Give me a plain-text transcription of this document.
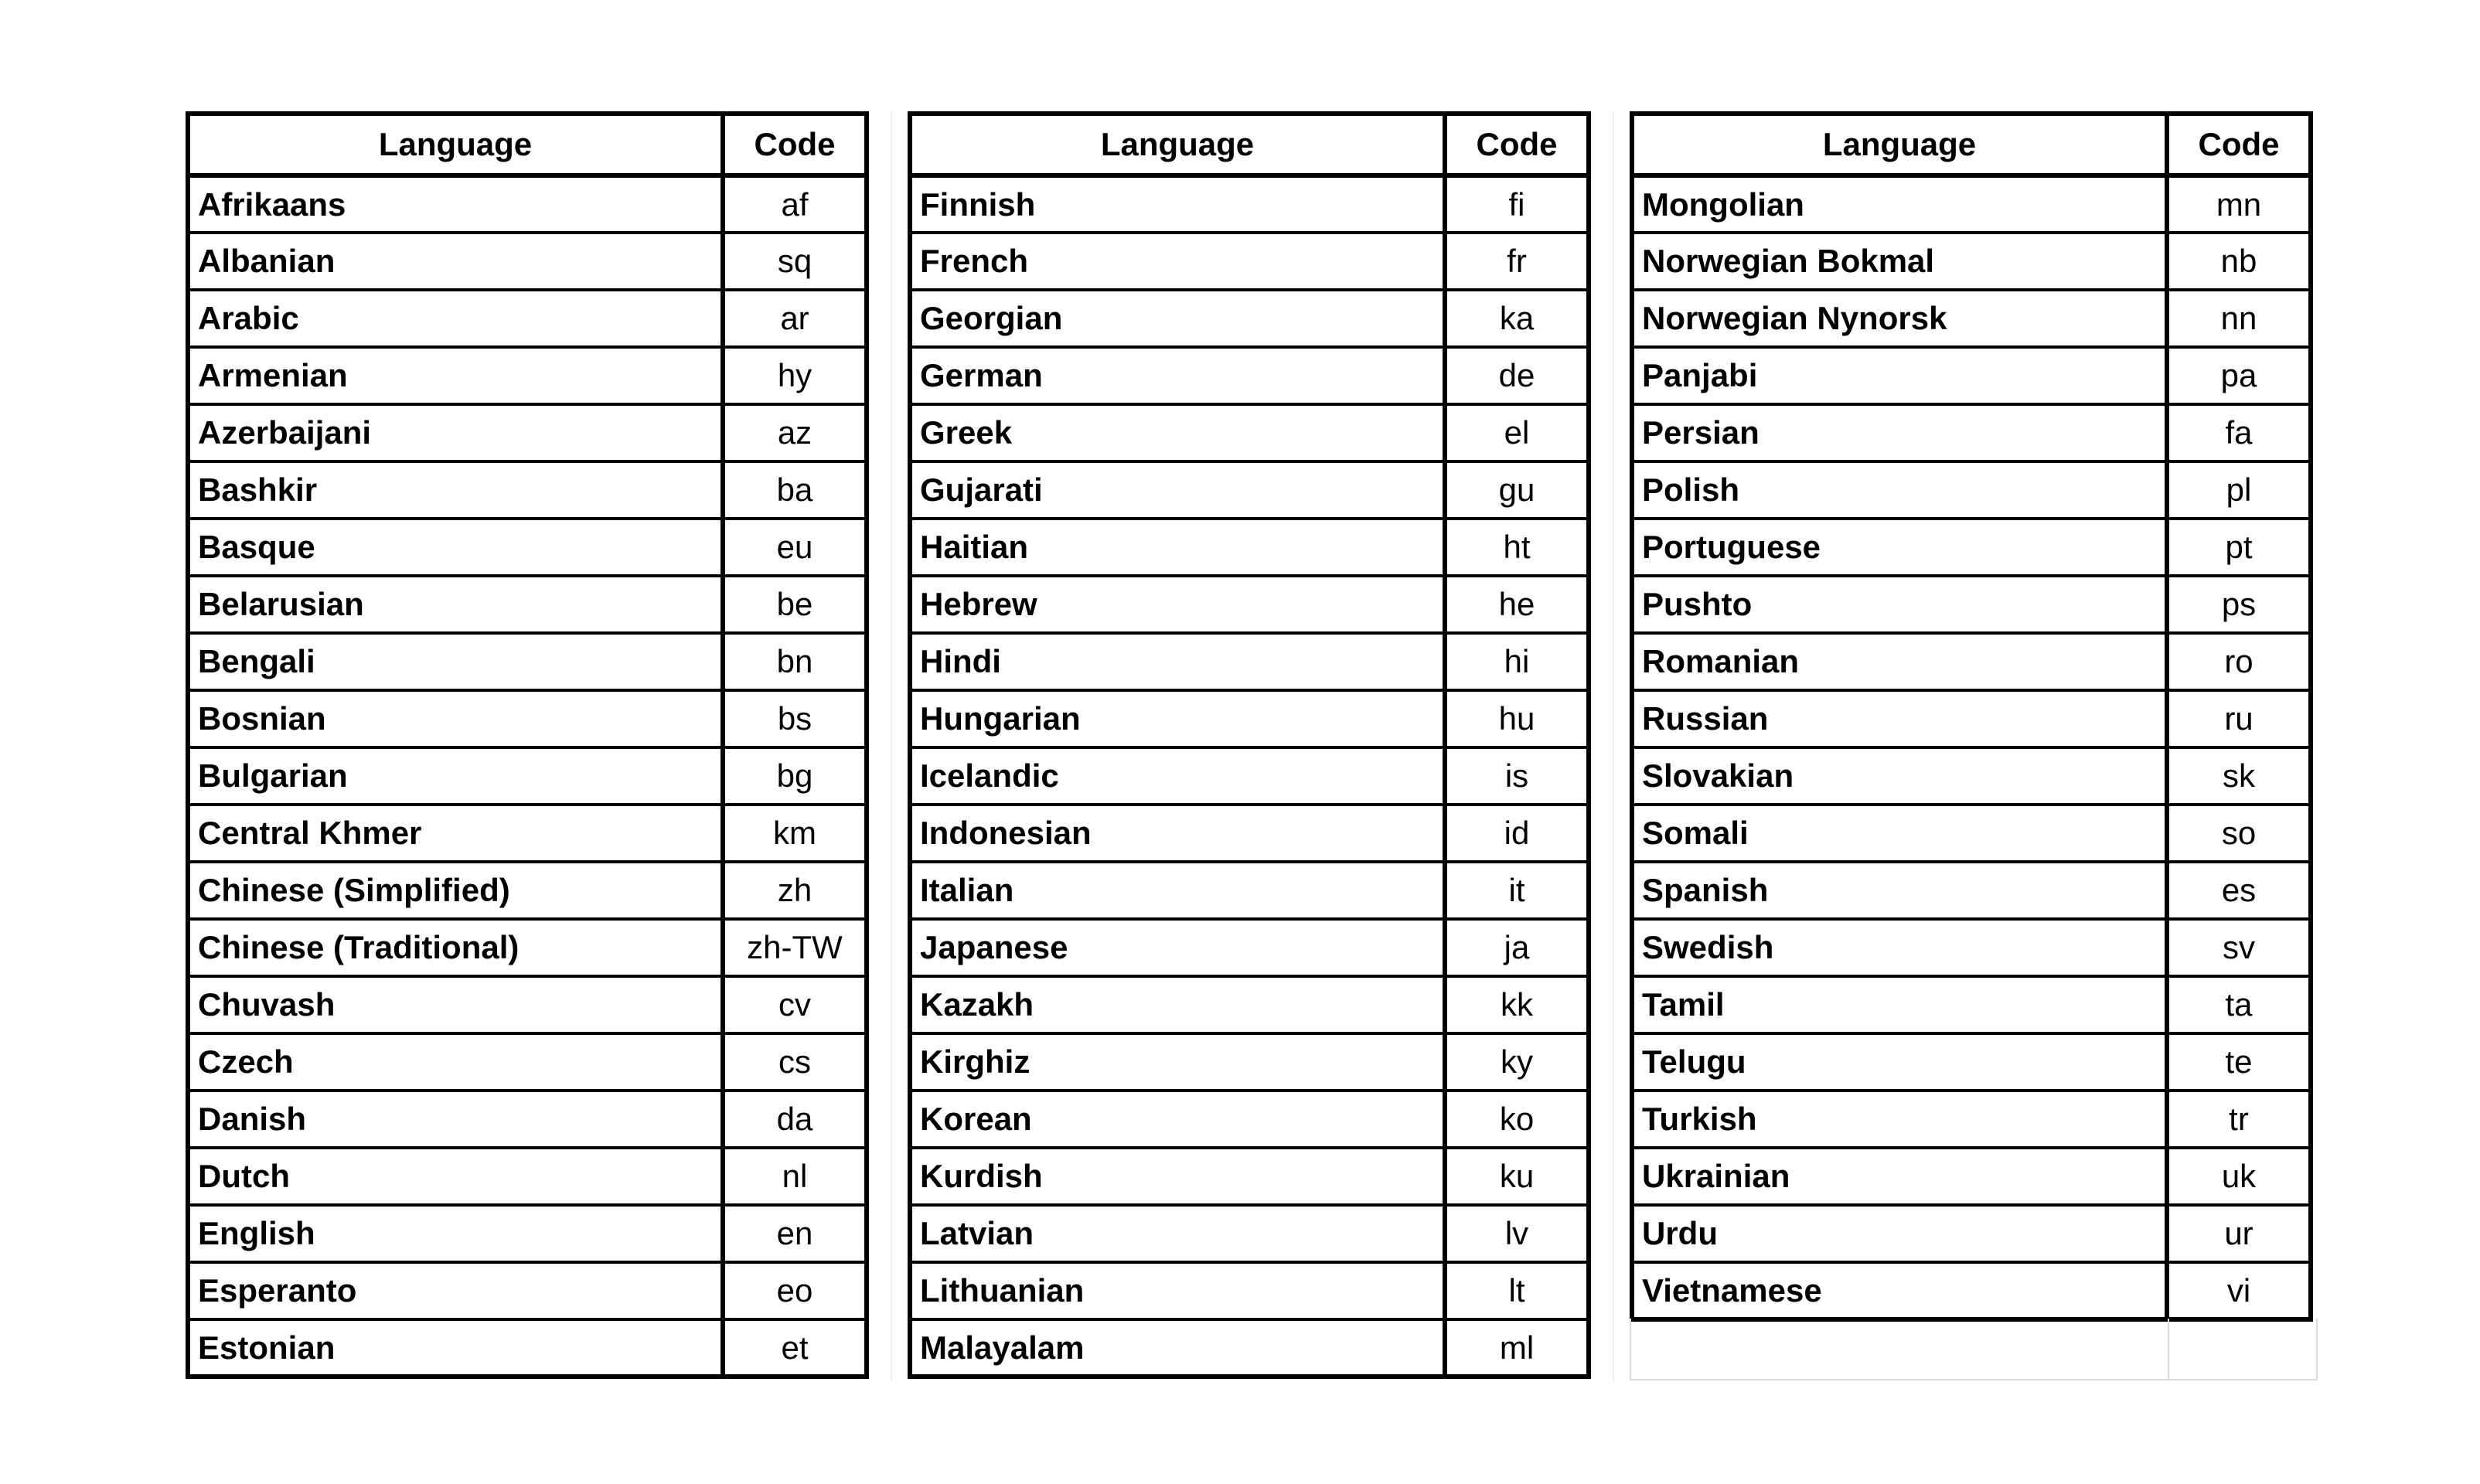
Language	Code
Afrikaans	af
Albanian	sq
Arabic	ar
Armenian	hy
Azerbaijani	az
Bashkir	ba
Basque	eu
Belarusian	be
Bengali	bn
Bosnian	bs
Bulgarian	bg
Central Khmer	km
Chinese (Simplified)	zh
Chinese (Traditional)	zh-TW
Chuvash	cv
Czech	cs
Danish	da
Dutch	nl
English	en
Esperanto	eo
Estonian	et
Language	Code
Finnish	fi
French	fr
Georgian	ka
German	de
Greek	el
Gujarati	gu
Haitian	ht
Hebrew	he
Hindi	hi
Hungarian	hu
Icelandic	is
Indonesian	id
Italian	it
Japanese	ja
Kazakh	kk
Kirghiz	ky
Korean	ko
Kurdish	ku
Latvian	lv
Lithuanian	lt
Malayalam	ml
Language	Code
Mongolian	mn
Norwegian Bokmal	nb
Norwegian Nynorsk	nn
Panjabi	pa
Persian	fa
Polish	pl
Portuguese	pt
Pushto	ps
Romanian	ro
Russian	ru
Slovakian	sk
Somali	so
Spanish	es
Swedish	sv
Tamil	ta
Telugu	te
Turkish	tr
Ukrainian	uk
Urdu	ur
Vietnamese	vi
